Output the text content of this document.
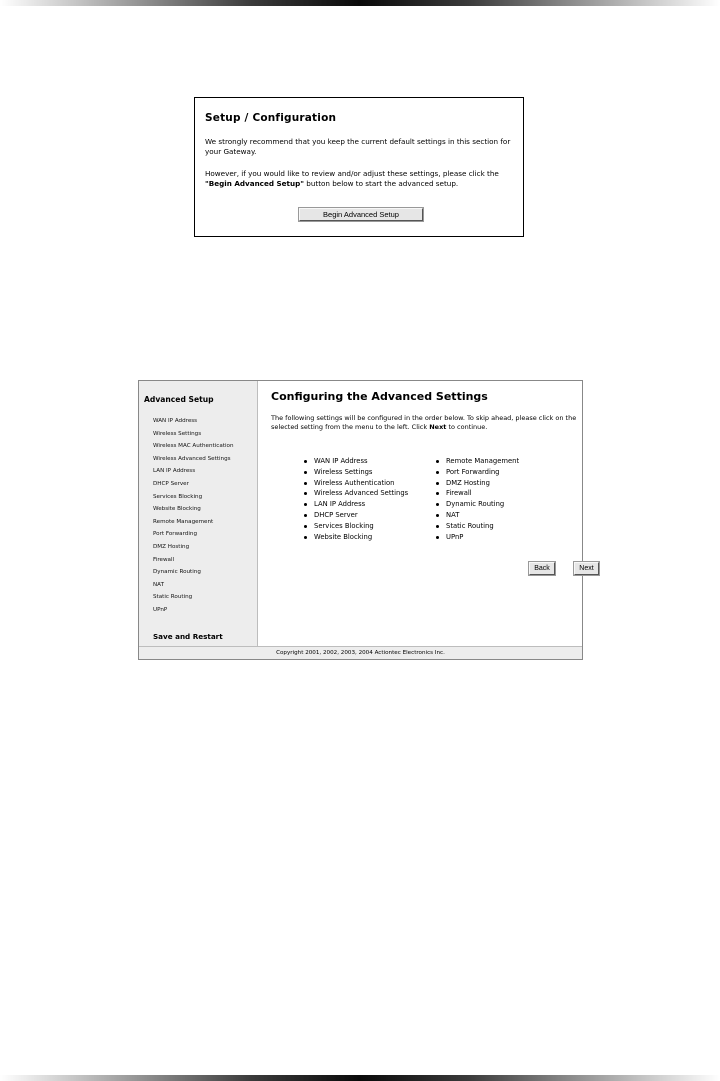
Setup / Configuration
We strongly recommend that you keep the current default settings in this section for your Gateway.
However, if you would like to review and/or adjust these settings, please click the "Begin Advanced Setup" button below to start the advanced setup.
Begin Advanced Setup
Advanced Setup
WAN IP Address
Wireless Settings
Wireless MAC Authentication
Wireless Advanced Settings
LAN IP Address
DHCP Server
Services Blocking
Website Blocking
Remote Management
Port Forwarding
DMZ Hosting
Firewall
Dynamic Routing
NAT
Static Routing
UPnP
Save and Restart
Configuring the Advanced Settings
The following settings will be configured in the order below. To skip ahead, please click on the selected setting from the menu to the left. Click Next to continue.
WAN IP Address
Wireless Settings
Wireless Authentication
Wireless Advanced Settings
LAN IP Address
DHCP Server
Services Blocking
Website Blocking
Remote Management
Port Forwarding
DMZ Hosting
Firewall
Dynamic Routing
NAT
Static Routing
UPnP
Back	Next
Copyright 2001, 2002, 2003, 2004 Actiontec Electronics Inc.
